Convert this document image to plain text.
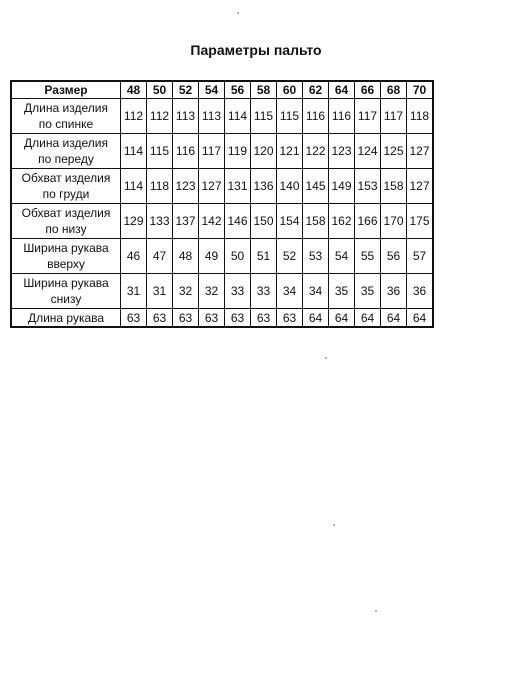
Параметры пальто
Размер	48	50	52	54	56	58	60	62	64	66	68	70

Длина изделия
по спинке	112	112	113	113	114	115	115	116	116	117	117	118

Длина изделия
по переду	114	115	116	117	119	120	121	122	123	124	125	127

Обхват изделия
по груди	114	118	123	127	131	136	140	145	149	153	158	127

Обхват изделия
по низу	129	133	137	142	146	150	154	158	162	166	170	175

Ширина рукава
вверху	46	47	48	49	50	51	52	53	54	55	56	57

Ширина рукава
снизу	31	31	32	32	33	33	34	34	35	35	36	36

Длина рукава	63	63	63	63	63	63	63	64	64	64	64	64
